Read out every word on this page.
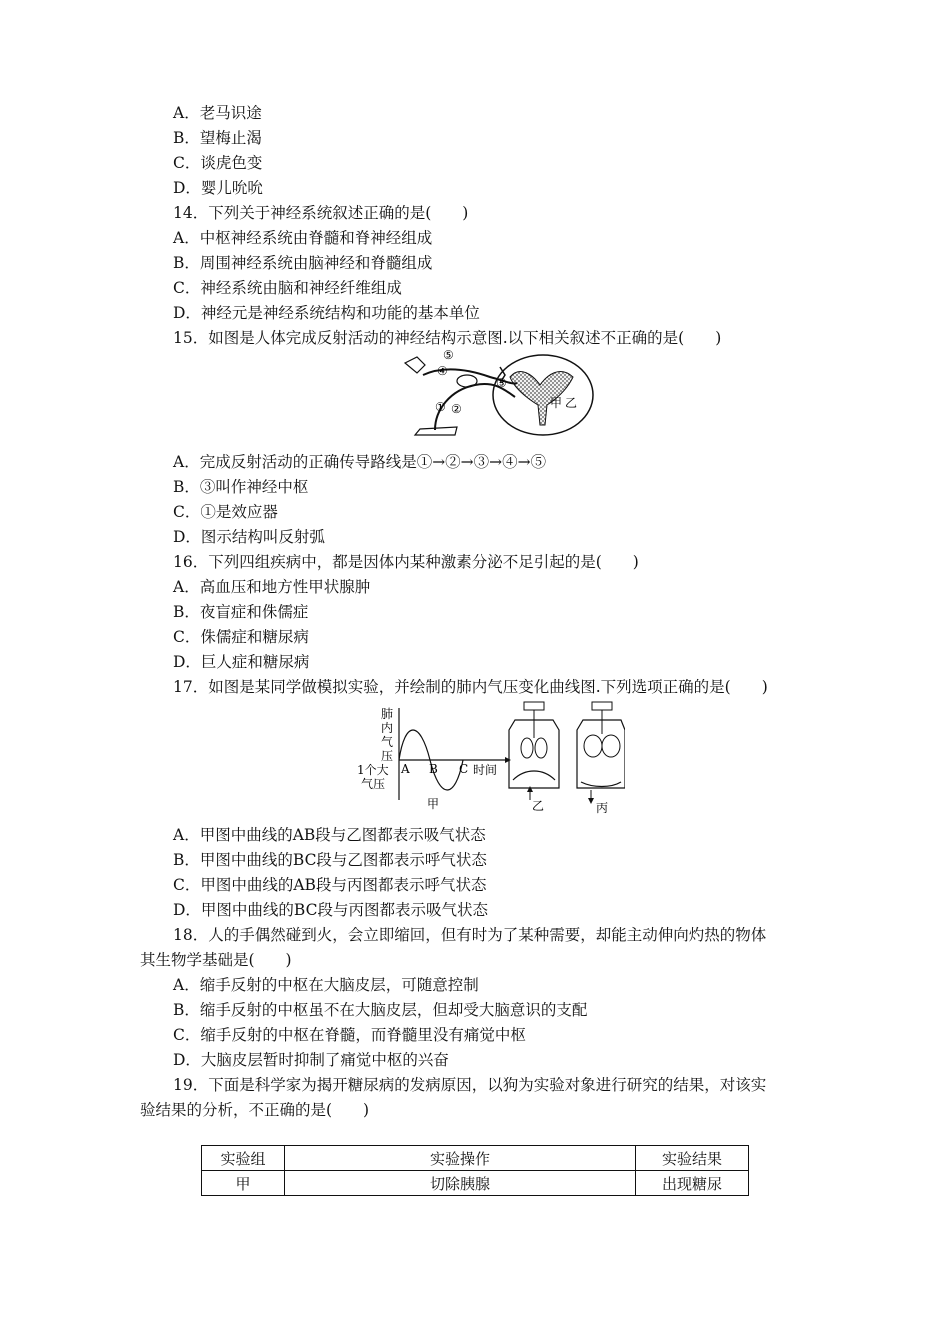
A．老马识途
B．望梅止渴
C．谈虎色变
D．婴儿吮吮
14．下列关于神经系统叙述正确的是(　　)
A．中枢神经系统由脊髓和脊神经组成
B．周围神经系统由脑神经和脊髓组成
C．神经系统由脑和神经纤维组成
D．神经元是神经系统结构和功能的基本单位
15．如图是人体完成反射活动的神经结构示意图.以下相关叙述不正确的是(　　)
⑤
④
③
① ②	甲 乙
A．完成反射活动的正确传导路线是①→②→③→④→⑤
B．③叫作神经中枢
C．①是效应器
D．图示结构叫反射弧
16．下列四组疾病中，都是因体内某种激素分泌不足引起的是(　　)
A．高血压和地方性甲状腺肿
B．夜盲症和侏儒症
C．侏儒症和糖尿病
D．巨人症和糖尿病
17．如图是某同学做模拟实验，并绘制的肺内气压变化曲线图.下列选项正确的是(　　)
肺
内
气
压
1个大
气压
A B C 时间
甲	乙	丙
A．甲图中曲线的AB段与乙图都表示吸气状态
B．甲图中曲线的BC段与乙图都表示呼气状态
C．甲图中曲线的AB段与丙图都表示呼气状态
D．甲图中曲线的BC段与丙图都表示吸气状态
18．人的手偶然碰到火，会立即缩回，但有时为了某种需要，却能主动伸向灼热的物体
其生物学基础是(　　)
A．缩手反射的中枢在大脑皮层，可随意控制
B．缩手反射的中枢虽不在大脑皮层，但却受大脑意识的支配
C．缩手反射的中枢在脊髓，而脊髓里没有痛觉中枢
D．大脑皮层暂时抑制了痛觉中枢的兴奋
19．下面是科学家为揭开糖尿病的发病原因，以狗为实验对象进行研究的结果，对该实
验结果的分析，不正确的是(　　)
实验组	实验操作	实验结果
甲	切除胰腺	出现糖尿
